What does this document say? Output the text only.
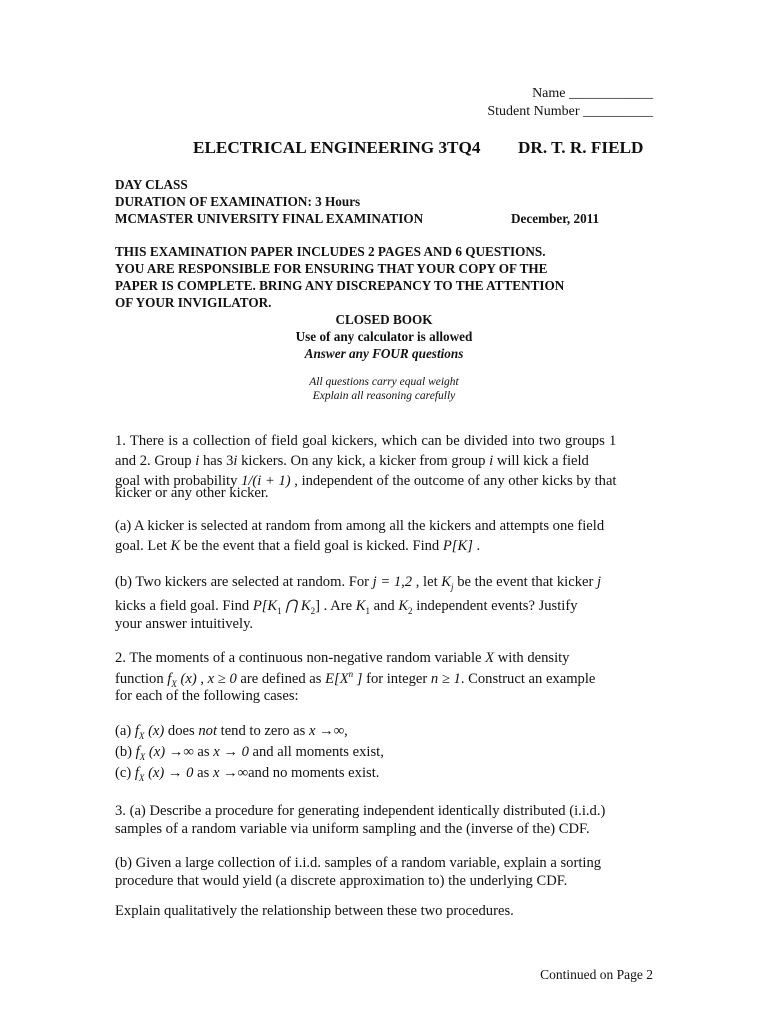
Name ____________
Student Number __________
ELECTRICAL ENGINEERING 3TQ4 DR. T. R. FIELD
DAY CLASS
DURATION OF EXAMINATION: 3 Hours
MCMASTER UNIVERSITY FINAL EXAMINATION	December, 2011
THIS EXAMINATION PAPER INCLUDES 2 PAGES AND 6 QUESTIONS.
YOU ARE RESPONSIBLE FOR ENSURING THAT YOUR COPY OF THE
PAPER IS COMPLETE. BRING ANY DISCREPANCY TO THE ATTENTION
OF YOUR INVIGILATOR.
CLOSED BOOK
Use of any calculator is allowed
Answer any FOUR questions
All questions carry equal weight
Explain all reasoning carefully
1. There is a collection of field goal kickers, which can be divided into two groups 1
and 2. Group i has 3i kickers. On any kick, a kicker from group i will kick a field
goal with probability 1/(i + 1) , independent of the outcome of any other kicks by that
kicker or any other kicker.
(a) A kicker is selected at random from among all the kickers and attempts one field
goal. Let K be the event that a field goal is kicked. Find P[K] .
(b) Two kickers are selected at random. For j = 1,2 , let $K_j$ be the event that kicker j
kicks a field goal. Find $P[K_1$ ⋂ $K_2$] . Are $K_1$ and $K_2$ independent events? Justify
your answer intuitively.
2. The moments of a continuous non-negative random variable X with density
function $f_X$ (x) , x ≥ 0 are defined as $E[X^n$ ] for integer n ≥ 1. Construct an example
for each of the following cases:
(a) $f_X$ (x) does not tend to zero as x →∞,
(b) $f_X$ (x) →∞ as x → 0 and all moments exist,
(c) $f_X$ (x) → 0 as x →∞and no moments exist.
3. (a) Describe a procedure for generating independent identically distributed (i.i.d.)
samples of a random variable via uniform sampling and the (inverse of the) CDF.
(b) Given a large collection of i.i.d. samples of a random variable, explain a sorting
procedure that would yield (a discrete approximation to) the underlying CDF.
Explain qualitatively the relationship between these two procedures.
Continued on Page 2
